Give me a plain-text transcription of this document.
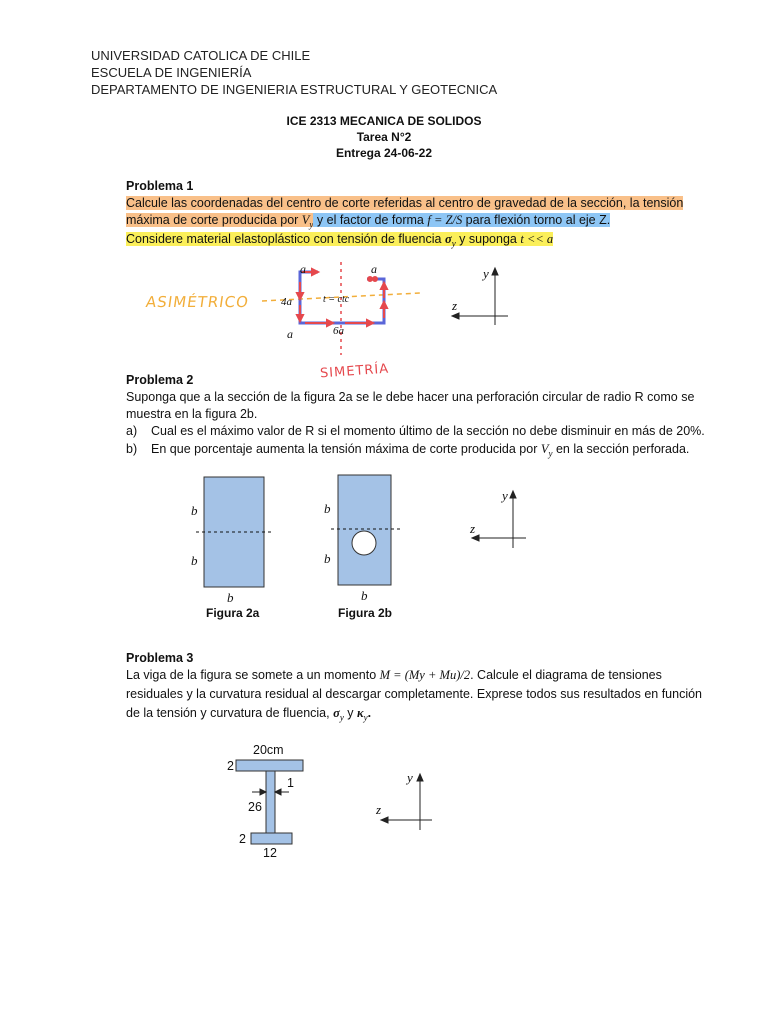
UNIVERSIDAD CATOLICA DE CHILE
ESCUELA DE INGENIERÍA
DEPARTAMENTO DE INGENIERIA ESTRUCTURAL Y GEOTECNICA
ICE 2313 MECANICA DE SOLIDOS
Tarea N°2
Entrega 24-06-22
Problema 1
Calcule las coordenadas del centro de corte referidas al centro de gravedad de la sección, la tensión
máxima de corte producida por $V_y$ y el factor de forma f = Z/S para flexión torno al eje Z.
Considere material elastoplástico con tensión de fluencia $\sigma_y$ y suponga t << a
ASIMÉTRICO
a	a
4a	t = ctc
a	6a
SIMETRÍA
y
z
Problema 2
Suponga que a la sección de la figura 2a se le debe hacer una perforación circular de radio R como se
muestra en la figura 2b.
a) Cual es el máximo valor de R si el momento último de la sección no debe disminuir en más de 20%.
b) En que porcentaje aumenta la tensión máxima de corte producida por $V_y$ en la sección perforada.
b
b
b
Figura 2a
b
b
b
Figura 2b
y
z
Problema 3
La viga de la figura se somete a un momento M = (My + Mu)/2. Calcule el diagrama de tensiones
residuales y la curvatura residual al descargar completamente. Exprese todos sus resultados en función
de la tensión y curvatura de fluencia, $\sigma_y$ y $\kappa_y$.
20cm
2
1
26
2
12
y
z
